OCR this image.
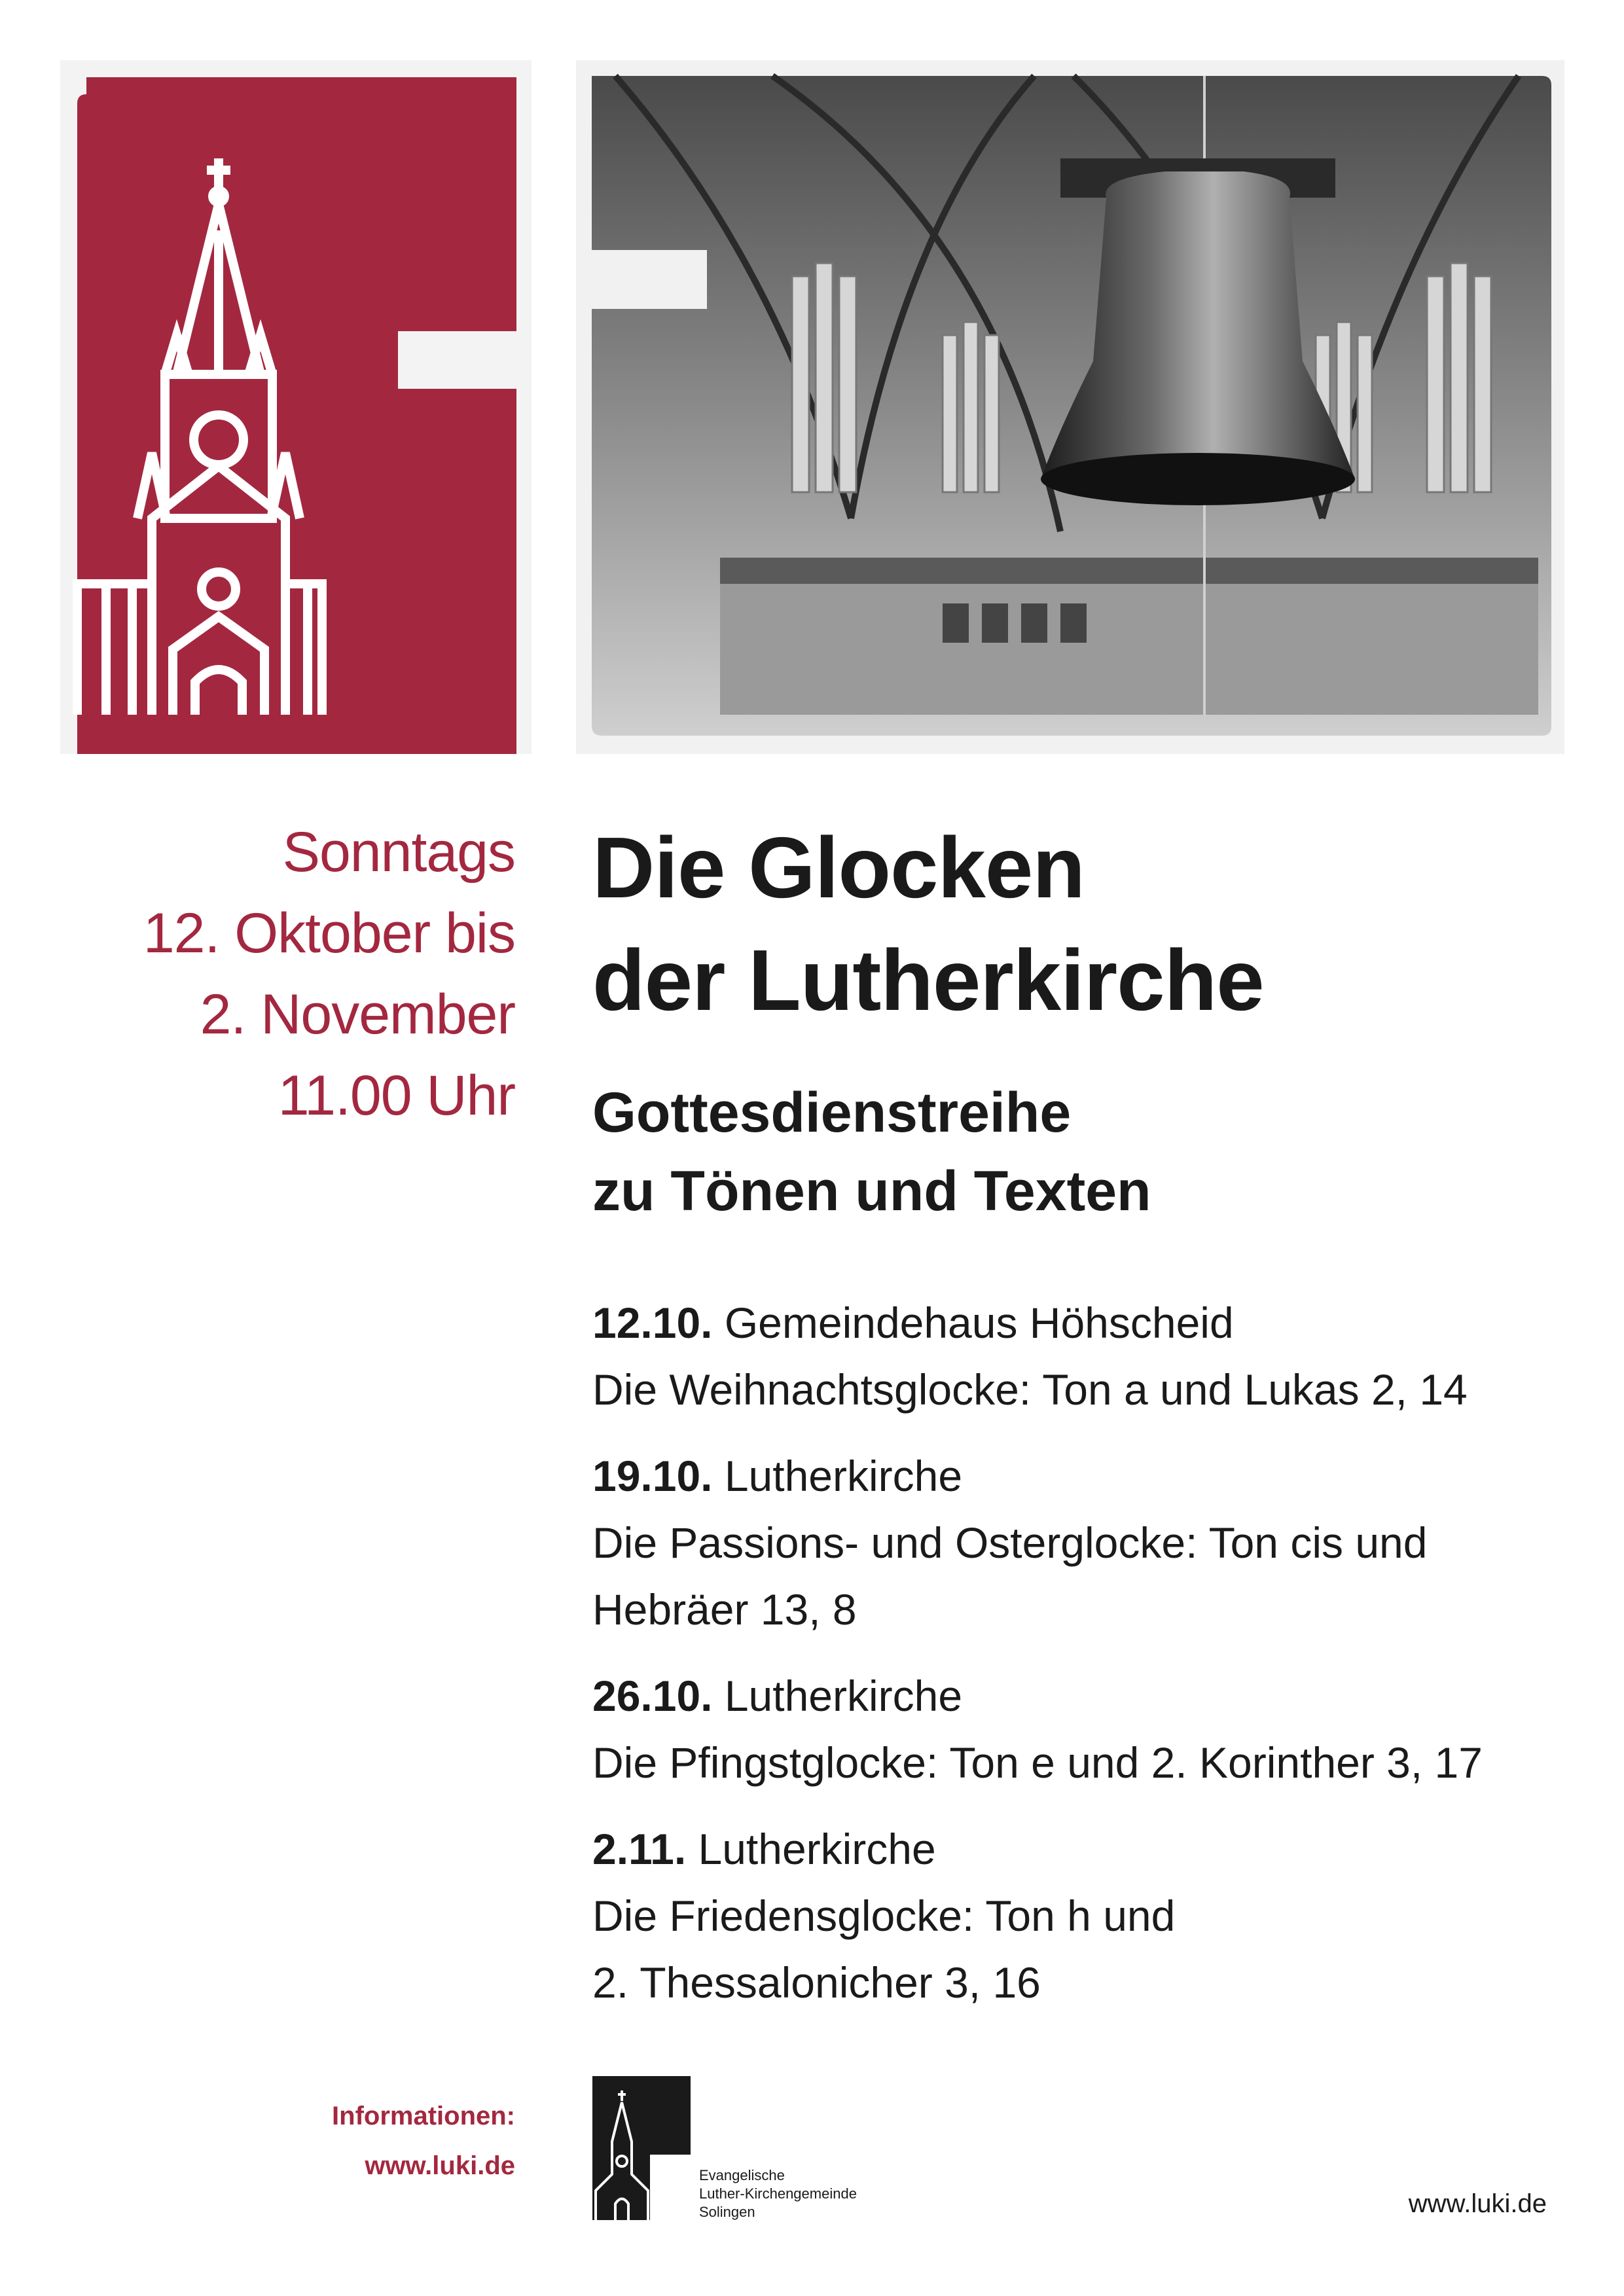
Sonntags
12. Oktober bis
2. November
11.00 Uhr
Die Glocken
der Lutherkirche
Gottesdienstreihe
zu Tönen und Texten
12.10. Gemeindehaus Höhscheid
Die Weihnachtsglocke: Ton a und Lukas 2, 14
19.10. Lutherkirche
Die Passions- und Osterglocke: Ton cis und
Hebräer 13, 8
26.10. Lutherkirche
Die Pfingstglocke: Ton e und 2. Korinther 3, 17
2.11. Lutherkirche
Die Friedensglocke: Ton h und
2. Thessalonicher 3, 16
Informationen:
www.luki.de	Evangelische
Luther-Kirchengemeinde
Solingen	www.luki.de
